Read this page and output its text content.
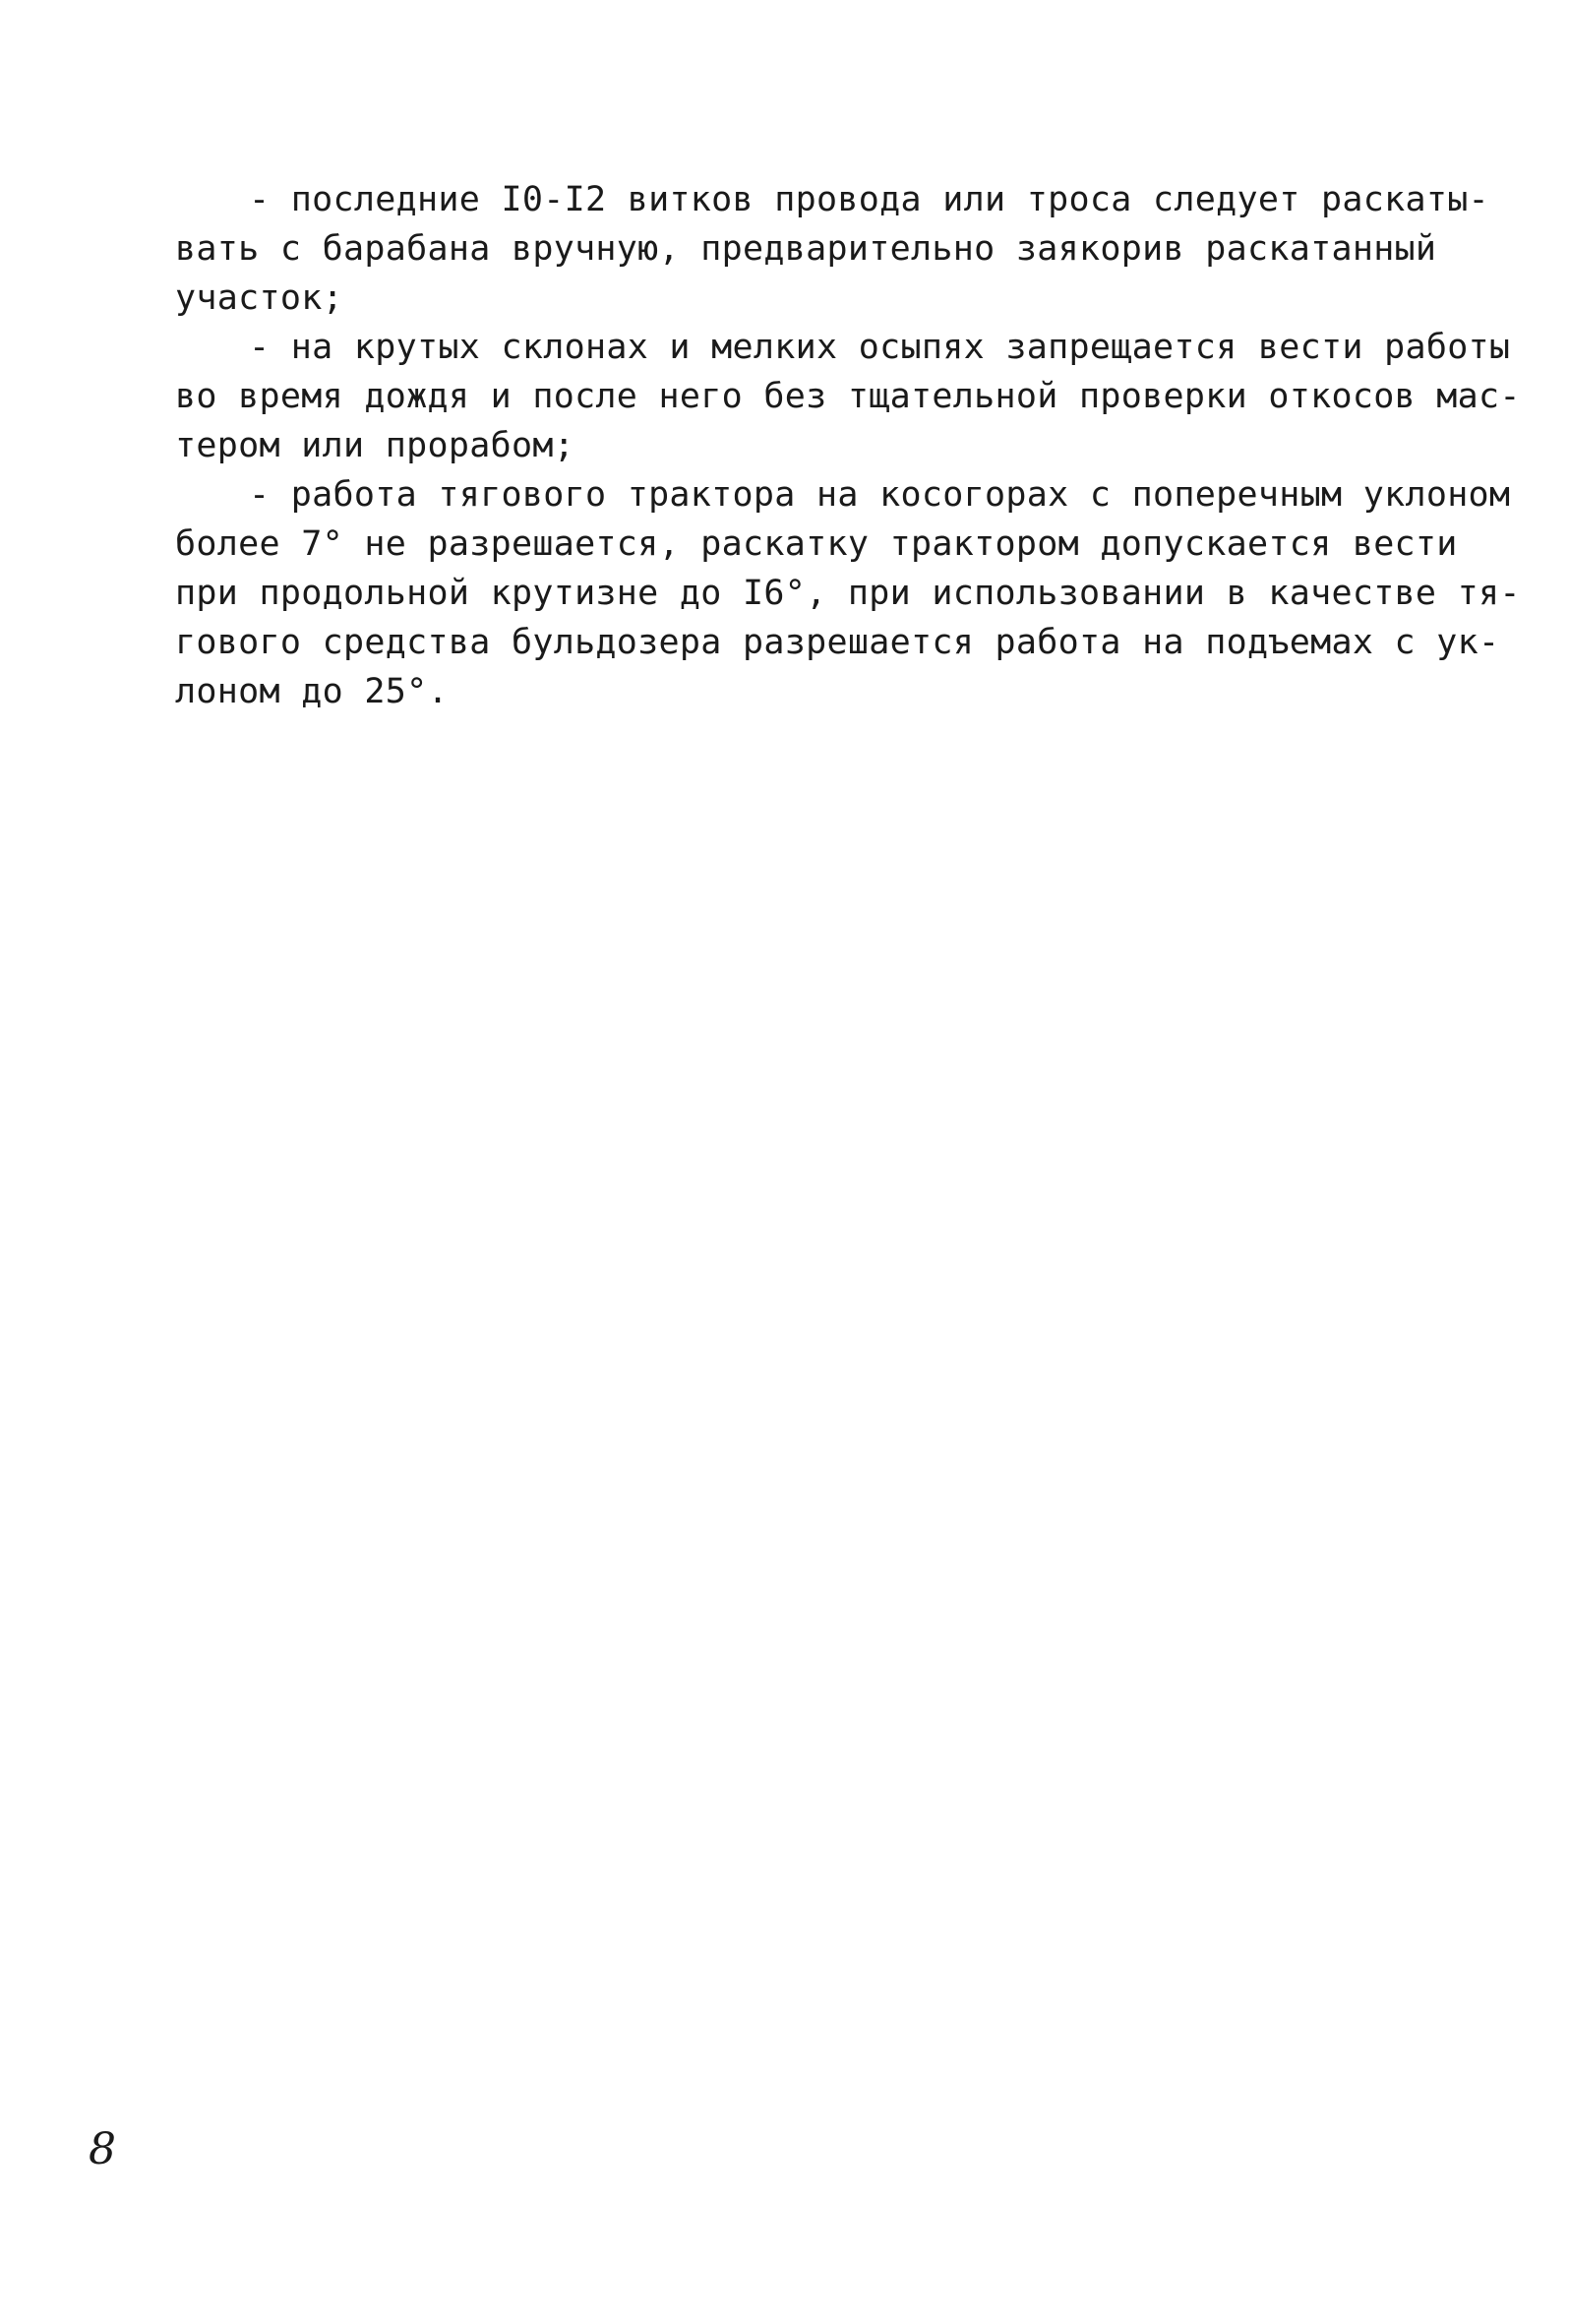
- последние I0-I2 витков провода или троса следует раскаты-
вать с барабана вручную, предварительно заякорив раскатанный
участок;

- на крутых склонах и мелких осыпях запрещается вести работы
во время дождя и после него без тщательной проверки откосов мас-
тером или прорабом;

- работа тягового трактора на косогорах с поперечным уклоном
более 7° не разрешается, раскатку трактором допускается вести
при продольной крутизне до I6°, при использовании в качестве тя-
гового средства бульдозера разрешается работа на подъемах с ук-
лоном до 25°.

8
